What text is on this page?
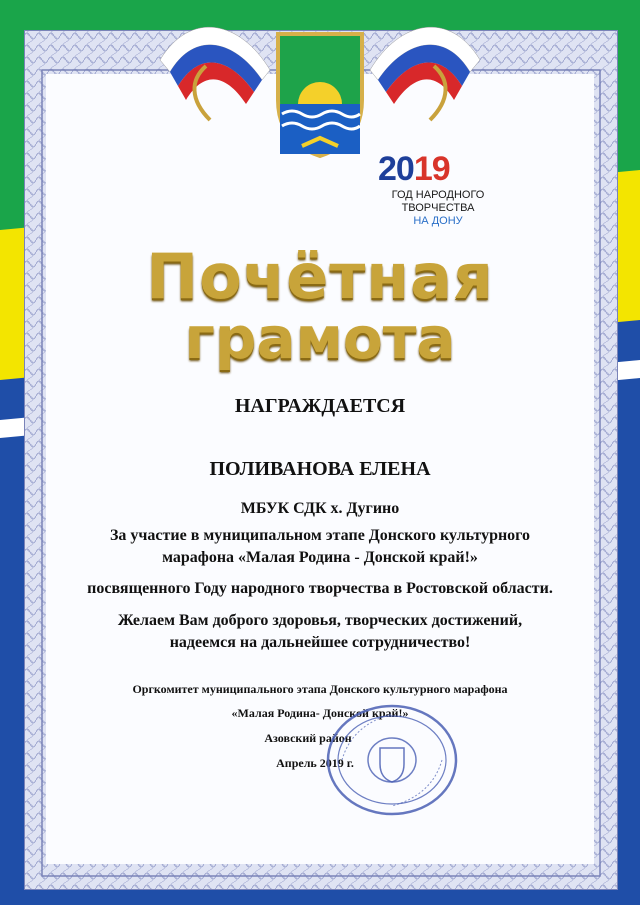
2019
ГОД НАРОДНОГО
ТВОРЧЕСТВА
НА ДОНУ
Почётная
грамота
НАГРАЖДАЕТСЯ
ПОЛИВАНОВА ЕЛЕНА
МБУК СДК х. Дугино
За участие в муниципальном этапе Донского культурного
марафона «Малая Родина - Донской край!»
посвященного Году народного творчества в Ростовской области.
Желаем Вам доброго здоровья, творческих достижений,
надеемся на дальнейшее сотрудничество!
Оргкомитет муниципального этапа Донского культурного марафона
«Малая Родина- Донской край!»
Азовский район
Апрель 2019 г.
